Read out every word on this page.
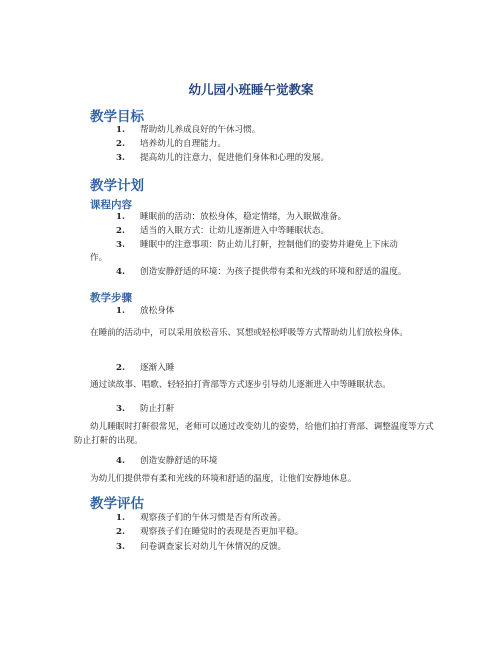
幼儿园小班睡午觉教案
教学目标
1.	帮助幼儿养成良好的午休习惯。
2.	培养幼儿的自理能力。
3.	提高幼儿的注意力，促进他们身体和心理的发展。
教学计划
课程内容
1.	睡眠前的活动：放松身体，稳定情绪，为入眠做准备。
2.	适当的入眠方式：让幼儿逐渐进入中等睡眠状态。
3.	睡眠中的注意事项：防止幼儿打鼾，控制他们的姿势并避免上下床动
作。
4.	创造安静舒适的环境：为孩子提供带有柔和光线的环境和舒适的温度。
教学步骤
1.	放松身体
在睡前的活动中，可以采用放松音乐、冥想或轻松呼吸等方式帮助幼儿们放松身体。
2.	逐渐入睡
通过读故事、唱歌、轻轻拍打背部等方式逐步引导幼儿逐渐进入中等睡眠状态。
3.	防止打鼾
幼儿睡眠时打鼾很常见，老师可以通过改变幼儿的姿势，给他们拍打背部、调整温度等方式防止打鼾的出现。
4.	创造安静舒适的环境
为幼儿们提供带有柔和光线的环境和舒适的温度，让他们安静地休息。
教学评估
1.	观察孩子们的午休习惯是否有所改善。
2.	观察孩子们在睡觉时的表现是否更加平稳。
3.	问卷调查家长对幼儿午休情况的反馈。
